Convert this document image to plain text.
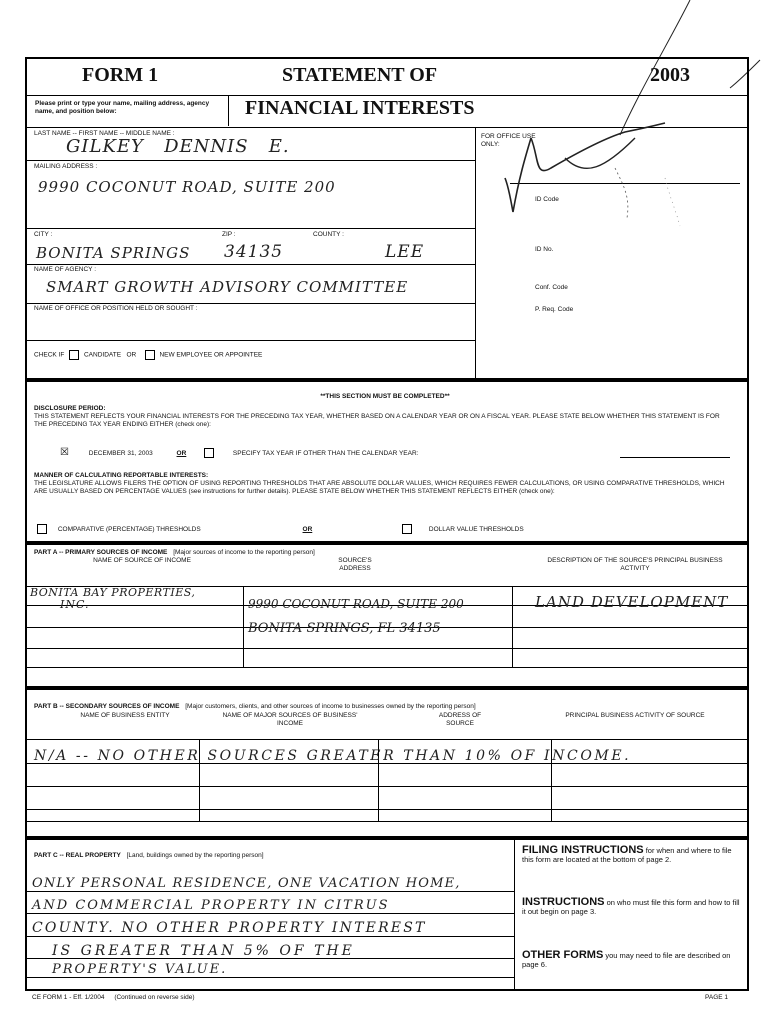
FORM 1	STATEMENT OF	2003
Please print or type your name, mailing address, agency name, and position below:	FINANCIAL INTERESTS
LAST NAME -- FIRST NAME -- MIDDLE NAME :
GILKEY   DENNIS   E.
MAILING ADDRESS :
9990 COCONUT ROAD, SUITE 200
CITY :	ZIP :	COUNTY :
BONITA SPRINGS 34135	LEE
NAME OF AGENCY :
SMART GROWTH ADVISORY COMMITTEE
NAME OF OFFICE OR POSITION HELD OR SOUGHT :
CHECK IF	CANDIDATE OR	NEW EMPLOYEE OR APPOINTEE
FOR OFFICE USE ONLY:
ID Code
ID No.
Conf. Code
P. Req. Code
**THIS SECTION MUST BE COMPLETED**
DISCLOSURE PERIOD:
THIS STATEMENT REFLECTS YOUR FINANCIAL INTERESTS FOR THE PRECEDING TAX YEAR, WHETHER BASED ON A CALENDAR YEAR OR ON A FISCAL YEAR. PLEASE STATE BELOW WHETHER THIS STATEMENT IS FOR THE PRECEDING TAX YEAR ENDING EITHER (check one):
☒	DECEMBER 31, 2003	OR	SPECIFY TAX YEAR IF OTHER THAN THE CALENDAR YEAR:
MANNER OF CALCULATING REPORTABLE INTERESTS:
THE LEGISLATURE ALLOWS FILERS THE OPTION OF USING REPORTING THRESHOLDS THAT ARE ABSOLUTE DOLLAR VALUES, WHICH REQUIRES FEWER CALCULATIONS, OR USING COMPARATIVE THRESHOLDS, WHICH ARE USUALLY BASED ON PERCENTAGE VALUES (see instructions for further details). PLEASE STATE BELOW WHETHER THIS STATEMENT REFLECTS EITHER (check one):
COMPARATIVE (PERCENTAGE) THRESHOLDS	OR	DOLLAR VALUE THRESHOLDS
PART A -- PRIMARY SOURCES OF INCOME [Major sources of income to the reporting person]
NAME OF SOURCE OF INCOME	SOURCE'S ADDRESS
DESCRIPTION OF THE SOURCE'S PRINCIPAL BUSINESS ACTIVITY
BONITA BAY PROPERTIES,
INC.	9990 COCONUT ROAD, SUITE 200
BONITA SPRINGS, FL 34135
LAND DEVELOPMENT
PART B -- SECONDARY SOURCES OF INCOME [Major customers, clients, and other sources of income to businesses owned by the reporting person]
NAME OF BUSINESS ENTITY	NAME OF MAJOR SOURCES OF BUSINESS' INCOME
ADDRESS OF SOURCE
PRINCIPAL BUSINESS ACTIVITY OF SOURCE
N/A -- NO OTHER SOURCES GREATER THAN 10% OF INCOME.
PART C -- REAL PROPERTY [Land, buildings owned by the reporting person]
ONLY PERSONAL RESIDENCE, ONE VACATION HOME,
AND COMMERCIAL PROPERTY IN CITRUS
COUNTY. NO OTHER PROPERTY INTEREST
IS GREATER THAN 5% OF THE
PROPERTY'S VALUE.
FILING INSTRUCTIONS for when and where to file this form are located at the bottom of page 2.
INSTRUCTIONS on who must file this form and how to fill it out begin on page 3.
OTHER FORMS you may need to file are described on page 6.
CE FORM 1 - Eff. 1/2004 (Continued on reverse side)	PAGE 1
